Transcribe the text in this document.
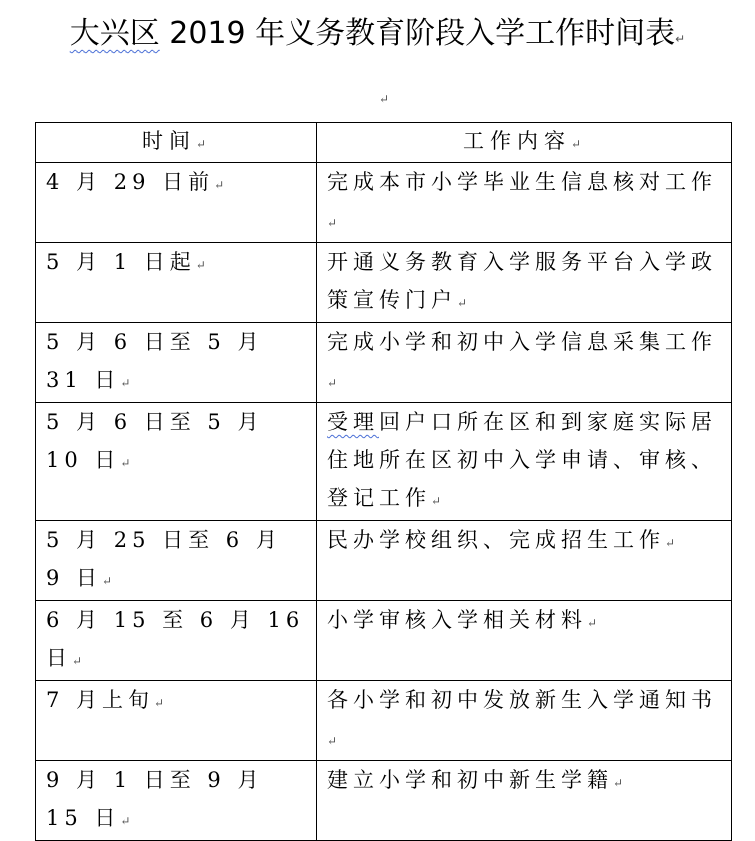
大兴区 2019 年义务教育阶段入学工作时间表↵
↵
时间↵	工作内容↵
4 月 29 日前↵	完成本市小学毕业生信息核对工作↵
5 月 1 日起↵	开通义务教育入学服务平台入学政策宣传门户↵
5 月 6 日至 5 月 31 日↵	完成小学和初中入学信息采集工作↵
5 月 6 日至 5 月 10 日↵	受理回户口所在区和到家庭实际居住地所在区初中入学申请、审核、登记工作↵
5 月 25 日至 6 月 9 日↵	民办学校组织、完成招生工作↵
6 月 15 至 6 月 16 日↵	小学审核入学相关材料↵
7 月上旬↵	各小学和初中发放新生入学通知书↵
9 月 1 日至 9 月 15 日↵	建立小学和初中新生学籍↵
